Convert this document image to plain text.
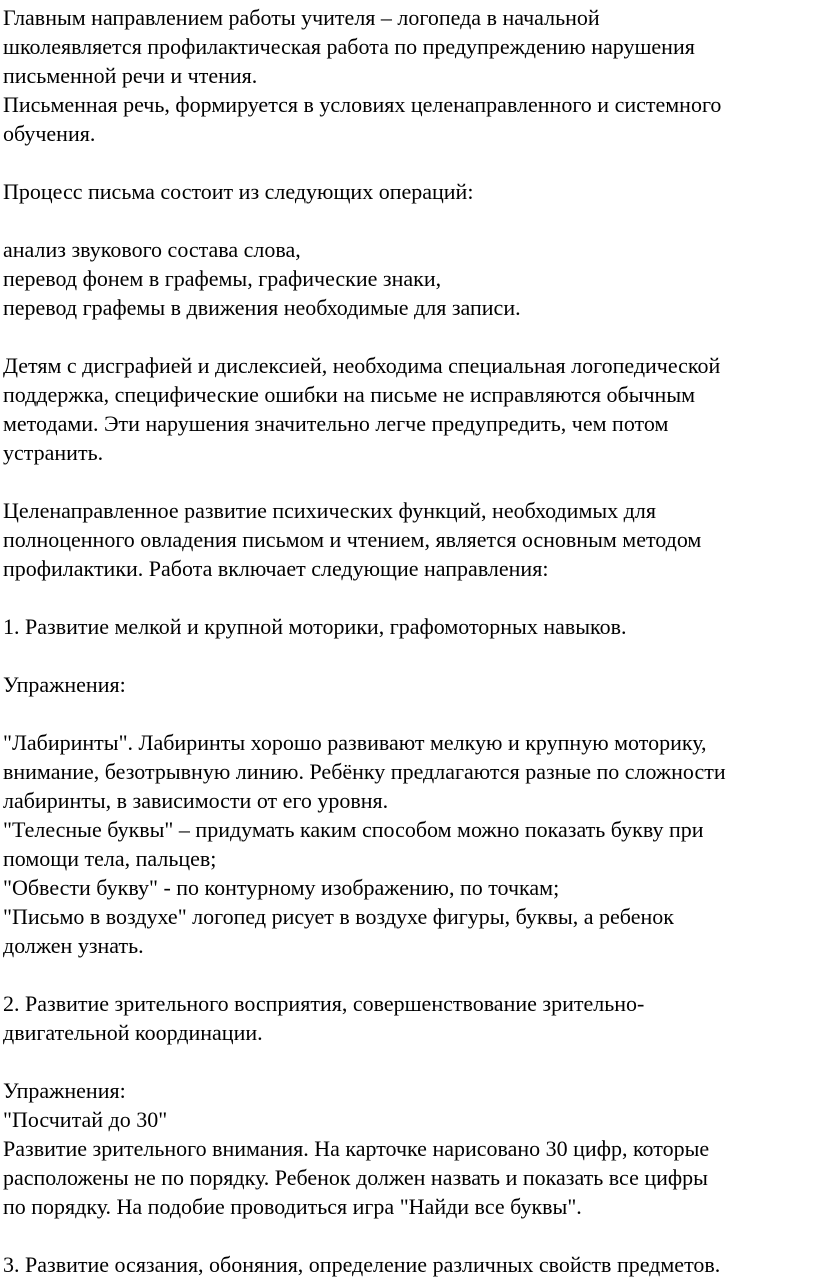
Главным направлением работы учителя – логопеда в начальной
школеявляется профилактическая работа по предупреждению нарушения
письменной речи и чтения.
Письменная речь, формируется в условиях целенаправленного и системного
обучения.
Процесс письма состоит из следующих операций:
анализ звукового состава слова,
перевод фонем в графемы, графические знаки,
перевод графемы в движения необходимые для записи.
Детям с дисграфией и дислексией, необходима специальная логопедической
поддержка, специфические ошибки на письме не исправляются обычным
методами. Эти нарушения значительно легче предупредить, чем потом
устранить.
Целенаправленное развитие психических функций, необходимых для
полноценного овладения письмом и чтением, является основным методом
профилактики. Работа включает следующие направления:
1. Развитие мелкой и крупной моторики, графомоторных навыков.
Упражнения:
"Лабиринты". Лабиринты хорошо развивают мелкую и крупную моторику,
внимание, безотрывную линию. Ребёнку предлагаются разные по сложности
лабиринты, в зависимости от его уровня.
"Телесные буквы" – придумать каким способом можно показать букву при
помощи тела, пальцев;
"Обвести букву" - по контурному изображению, по точкам;
"Письмо в воздухе" логопед рисует в воздухе фигуры, буквы, а ребенок
должен узнать.
2. Развитие зрительного восприятия, совершенствование зрительно-
двигательной координации.
Упражнения:
"Посчитай до 30"
Развитие зрительного внимания. На карточке нарисовано 30 цифр, которые
расположены не по порядку. Ребенок должен назвать и показать все цифры
по порядку. На подобие проводиться игра "Найди все буквы".
3. Развитие осязания, обоняния, определение различных свойств предметов.
